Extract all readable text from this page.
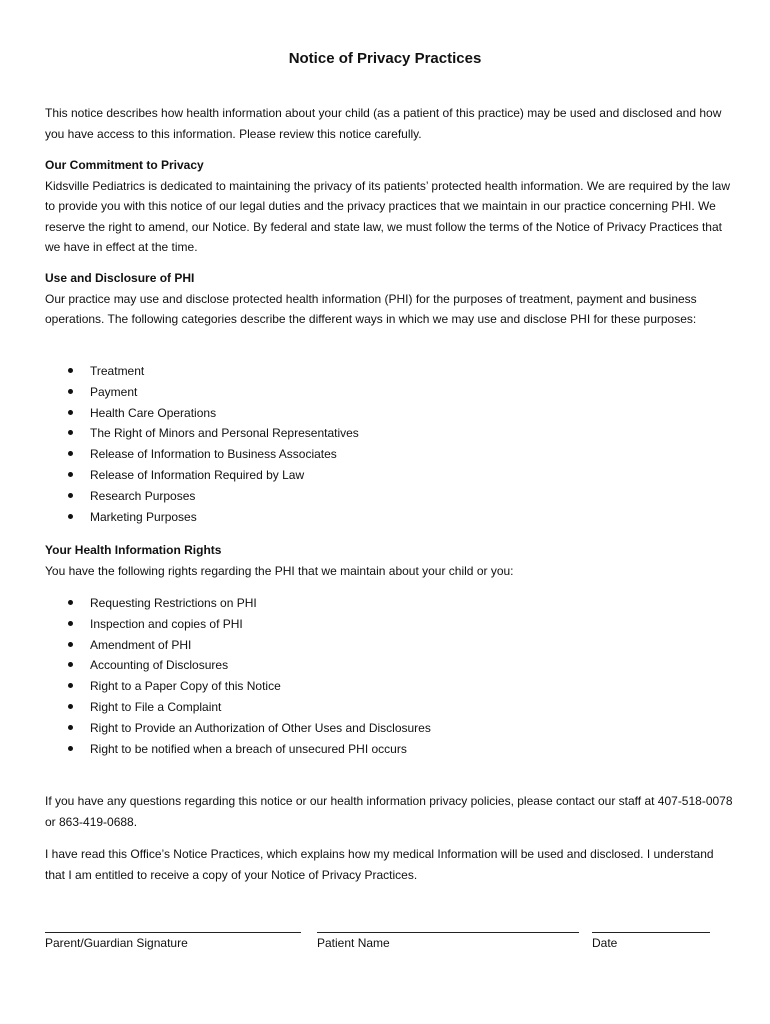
Notice of Privacy Practices
This notice describes how health information about your child (as a patient of this practice) may be used and disclosed and how you have access to this information. Please review this notice carefully.
Our Commitment to Privacy
Kidsville Pediatrics is dedicated to maintaining the privacy of its patients’ protected health information. We are required by the law to provide you with this notice of our legal duties and the privacy practices that we maintain in our practice concerning PHI. We reserve the right to amend, our Notice. By federal and state law, we must follow the terms of the Notice of Privacy Practices that we have in effect at the time.
Use and Disclosure of PHI
Our practice may use and disclose protected health information (PHI) for the purposes of treatment, payment and business operations. The following categories describe the different ways in which we may use and disclose PHI for these purposes:
Treatment
Payment
Health Care Operations
The Right of Minors and Personal Representatives
Release of Information to Business Associates
Release of Information Required by Law
Research Purposes
Marketing Purposes
Your Health Information Rights
You have the following rights regarding the PHI that we maintain about your child or you:
Requesting Restrictions on PHI
Inspection and copies of PHI
Amendment of PHI
Accounting of Disclosures
Right to a Paper Copy of this Notice
Right to File a Complaint
Right to Provide an Authorization of Other Uses and Disclosures
Right to be notified when a breach of unsecured PHI occurs
If you have any questions regarding this notice or our health information privacy policies, please contact our staff at 407-518-0078 or 863-419-0688.
I have read this Office’s Notice Practices, which explains how my medical Information will be used and disclosed. I understand that I am entitled to receive a copy of your Notice of Privacy Practices.
Parent/Guardian Signature	Patient Name	Date
